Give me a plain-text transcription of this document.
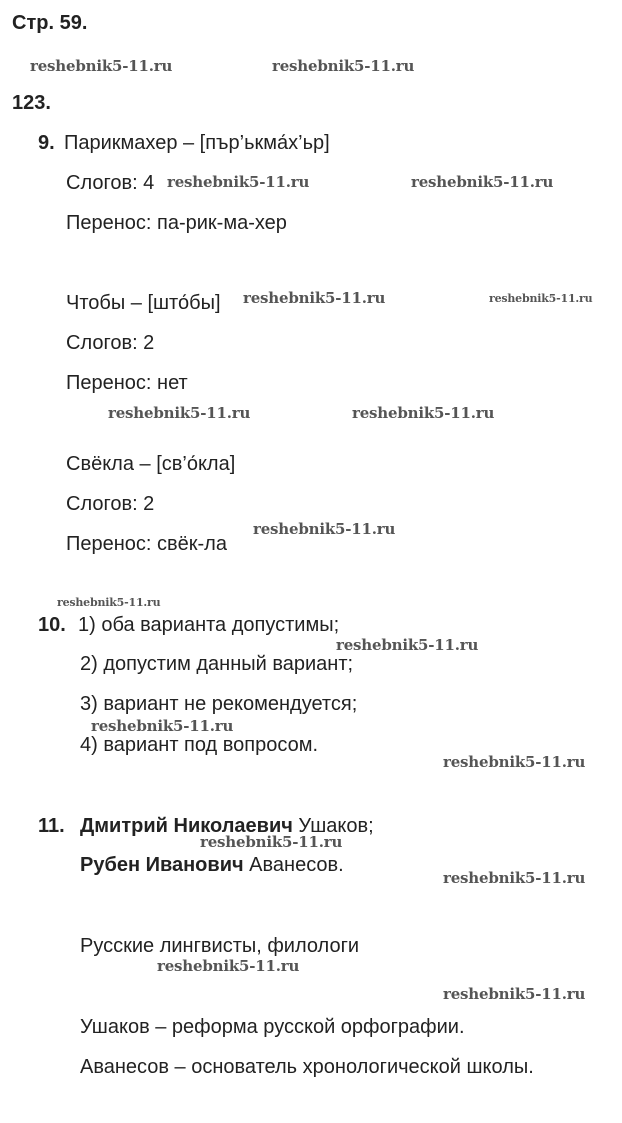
Стр. 59.
123.
9. Парикмахер – [пър’ькма́х’ьр]
Слогов: 4
Перенос: па-рик-ма-хер
Чтобы – [што́бы]
Слогов: 2
Перенос: нет
Свёкла – [св’о́кла]
Слогов: 2
Перенос: свёк-ла
10. 1) оба варианта допустимы;
2) допустим данный вариант;
3) вариант не рекомендуется;
4) вариант под вопросом.
11. Дмитрий Николаевич Ушаков;
Рубен Иванович Аванесов.
Русские лингвисты, филологи
Ушаков – реформа русской орфографии.
Аванесов – основатель хронологической школы.
reshebnik5-11.ru	reshebnik5-11.ru
reshebnik5-11.ru	reshebnik5-11.ru
reshebnik5-11.ru	reshebnik5-11.ru
reshebnik5-11.ru	reshebnik5-11.ru
reshebnik5-11.ru
reshebnik5-11.ru
reshebnik5-11.ru
reshebnik5-11.ru
reshebnik5-11.ru
reshebnik5-11.ru
reshebnik5-11.ru
reshebnik5-11.ru
reshebnik5-11.ru
